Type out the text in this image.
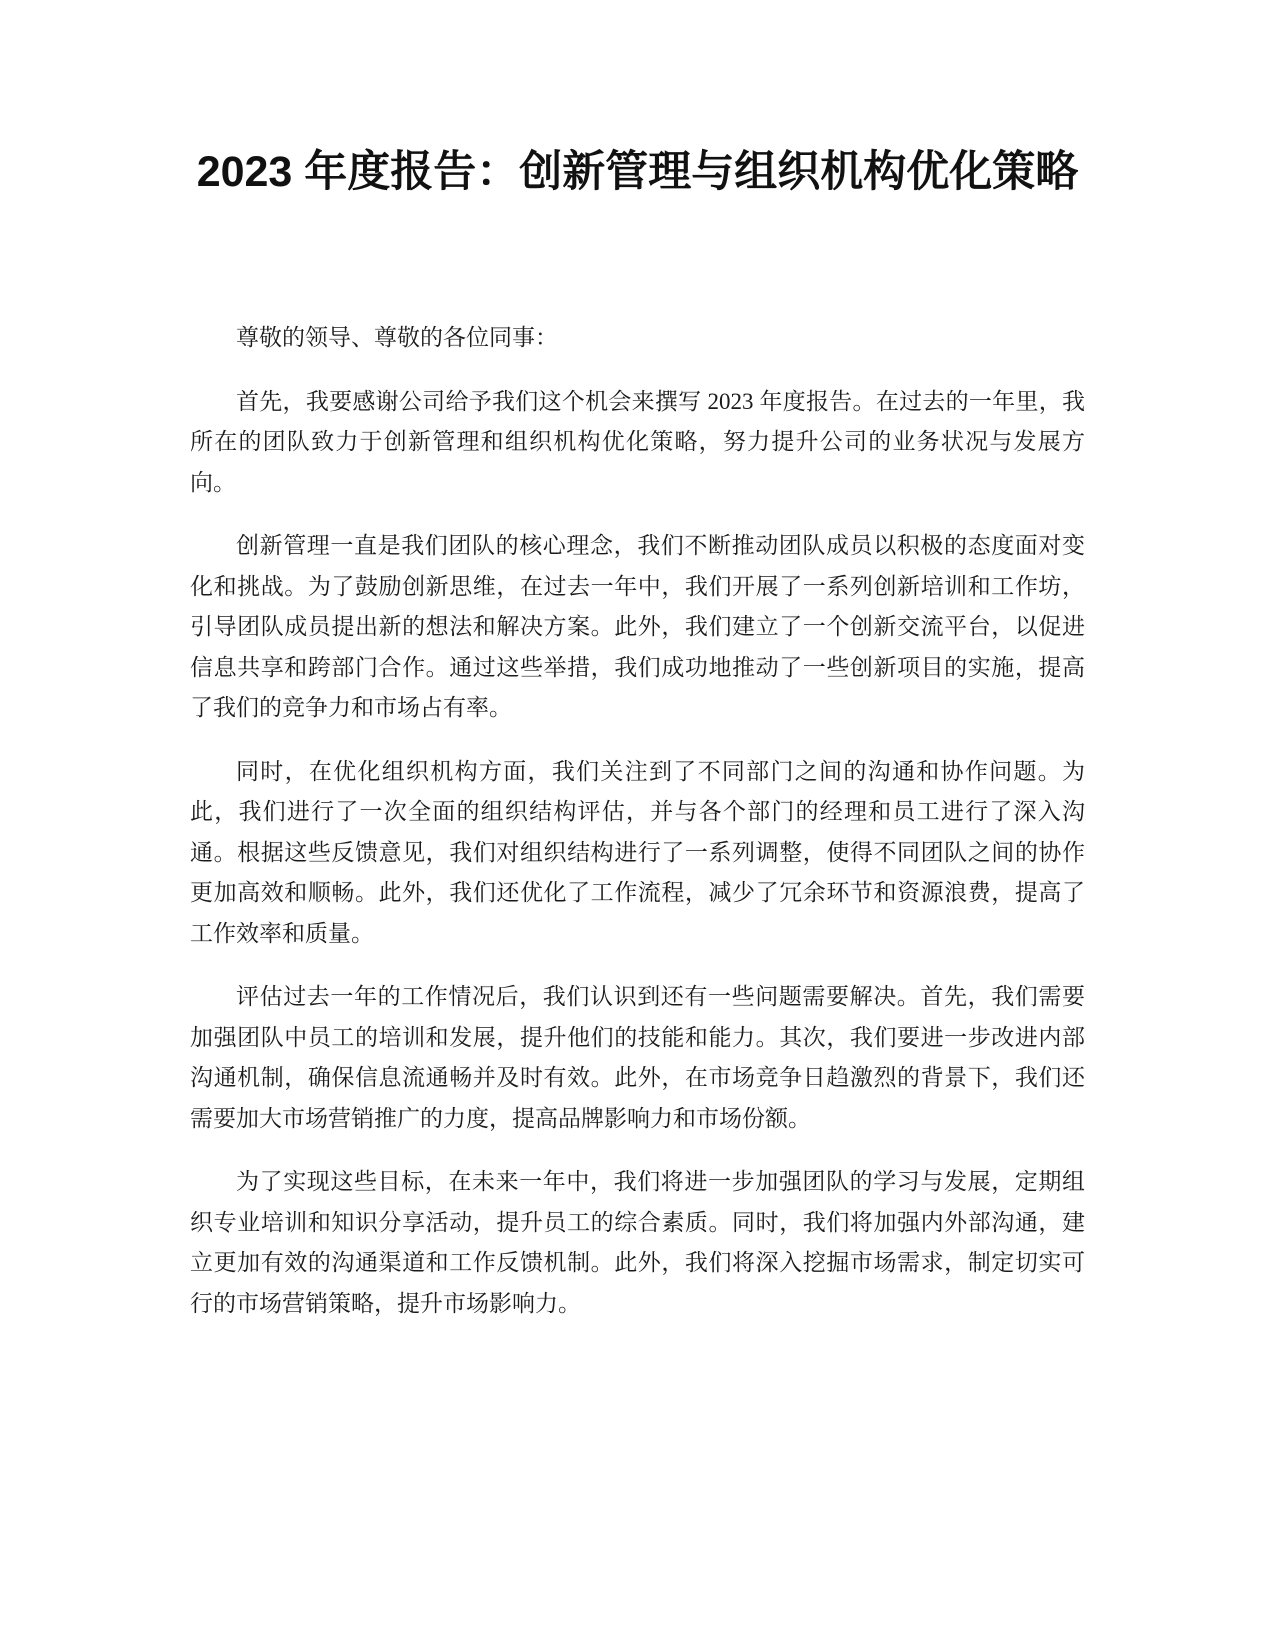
2023 年度报告：创新管理与组织机构优化策略

尊敬的领导、尊敬的各位同事：

首先，我要感谢公司给予我们这个机会来撰写 2023 年度报告。在过去的一年里，我所在的团队致力于创新管理和组织机构优化策略，努力提升公司的业务状况与发展方向。

创新管理一直是我们团队的核心理念，我们不断推动团队成员以积极的态度面对变化和挑战。为了鼓励创新思维，在过去一年中，我们开展了一系列创新培训和工作坊，引导团队成员提出新的想法和解决方案。此外，我们建立了一个创新交流平台，以促进信息共享和跨部门合作。通过这些举措，我们成功地推动了一些创新项目的实施，提高了我们的竞争力和市场占有率。

同时，在优化组织机构方面，我们关注到了不同部门之间的沟通和协作问题。为此，我们进行了一次全面的组织结构评估，并与各个部门的经理和员工进行了深入沟通。根据这些反馈意见，我们对组织结构进行了一系列调整，使得不同团队之间的协作更加高效和顺畅。此外，我们还优化了工作流程，减少了冗余环节和资源浪费，提高了工作效率和质量。

评估过去一年的工作情况后，我们认识到还有一些问题需要解决。首先，我们需要加强团队中员工的培训和发展，提升他们的技能和能力。其次，我们要进一步改进内部沟通机制，确保信息流通畅并及时有效。此外，在市场竞争日趋激烈的背景下，我们还需要加大市场营销推广的力度，提高品牌影响力和市场份额。

为了实现这些目标，在未来一年中，我们将进一步加强团队的学习与发展，定期组织专业培训和知识分享活动，提升员工的综合素质。同时，我们将加强内外部沟通，建立更加有效的沟通渠道和工作反馈机制。此外，我们将深入挖掘市场需求，制定切实可行的市场营销策略，提升市场影响力。
